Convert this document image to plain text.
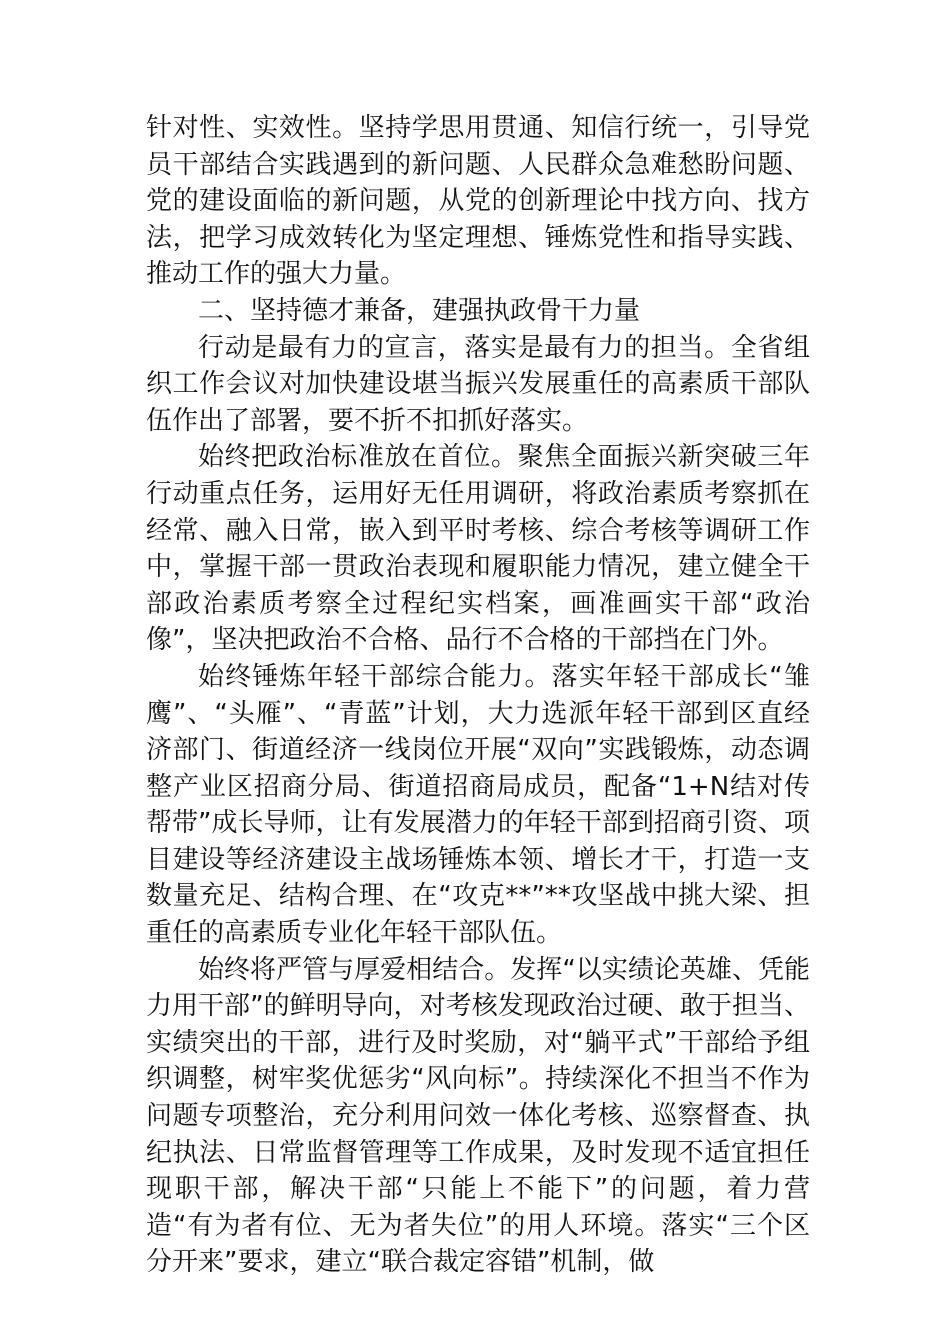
针对性、实效性。坚持学思用贯通、知信行统一，引导党员干部结合实践遇到的新问题、人民群众急难愁盼问题、党的建设面临的新问题，从党的创新理论中找方向、找方法，把学习成效转化为坚定理想、锤炼党性和指导实践、推动工作的强大力量。

二、坚持德才兼备，建强执政骨干力量

行动是最有力的宣言，落实是最有力的担当。全省组织工作会议对加快建设堪当振兴发展重任的高素质干部队伍作出了部署，要不折不扣抓好落实。

始终把政治标准放在首位。聚焦全面振兴新突破三年行动重点任务，运用好无任用调研，将政治素质考察抓在经常、融入日常，嵌入到平时考核、综合考核等调研工作中，掌握干部一贯政治表现和履职能力情况，建立健全干部政治素质考察全过程纪实档案，画准画实干部“政治像”，坚决把政治不合格、品行不合格的干部挡在门外。

始终锤炼年轻干部综合能力。落实年轻干部成长“雏鹰”、“头雁”、“青蓝”计划，大力选派年轻干部到区直经济部门、街道经济一线岗位开展“双向”实践锻炼，动态调整产业区招商分局、街道招商局成员，配备“1+N结对传帮带”成长导师，让有发展潜力的年轻干部到招商引资、项目建设等经济建设主战场锤炼本领、增长才干，打造一支数量充足、结构合理、在“攻克**”**攻坚战中挑大梁、担重任的高素质专业化年轻干部队伍。

始终将严管与厚爱相结合。发挥“以实绩论英雄、凭能力用干部”的鲜明导向，对考核发现政治过硬、敢于担当、实绩突出的干部，进行及时奖励，对“躺平式”干部给予组织调整，树牢奖优惩劣“风向标”。持续深化不担当不作为问题专项整治，充分利用问效一体化考核、巡察督查、执纪执法、日常监督管理等工作成果，及时发现不适宜担任现职干部，解决干部“只能上不能下”的问题，着力营造“有为者有位、无为者失位”的用人环境。落实“三个区分开来”要求，建立“联合裁定容错”机制，做
